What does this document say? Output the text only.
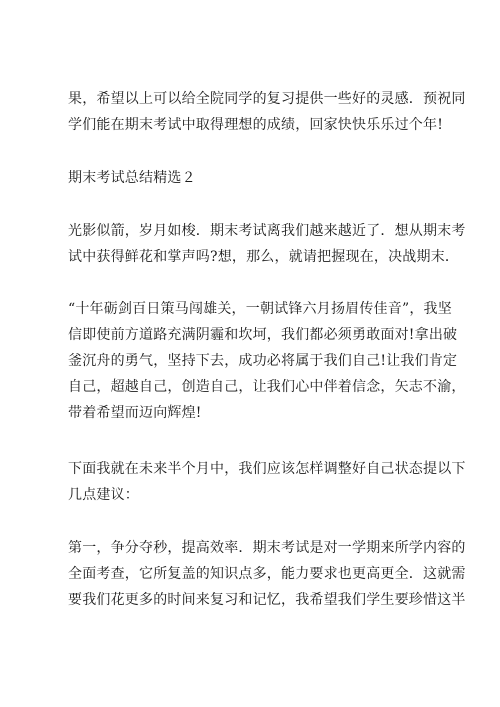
果，希望以上可以给全院同学的复习提供一些好的灵感．预祝同
学们能在期末考试中取得理想的成绩，回家快快乐乐过个年!
期末考试总结精选２
光影似箭，岁月如梭．期末考试离我们越来越近了．想从期末考
试中获得鲜花和掌声吗?想，那么，就请把握现在，决战期末．
“十年砺剑百日策马闯雄关，一朝试锋六月扬眉传佳音”，我坚
信即使前方道路充满阴霾和坎坷，我们都必须勇敢面对!拿出破
釜沉舟的勇气，坚持下去，成功必将属于我们自己!让我们肯定
自己，超越自己，创造自己，让我们心中伴着信念，矢志不渝，
带着希望而迈向辉煌!
下面我就在未来半个月中，我们应该怎样调整好自己状态提以下
几点建议：
第一，争分夺秒，提高效率．期末考试是对一学期来所学内容的
全面考查，它所复盖的知识点多，能力要求也更高更全．这就需
要我们花更多的时间来复习和记忆，我希望我们学生要珍惜这半
